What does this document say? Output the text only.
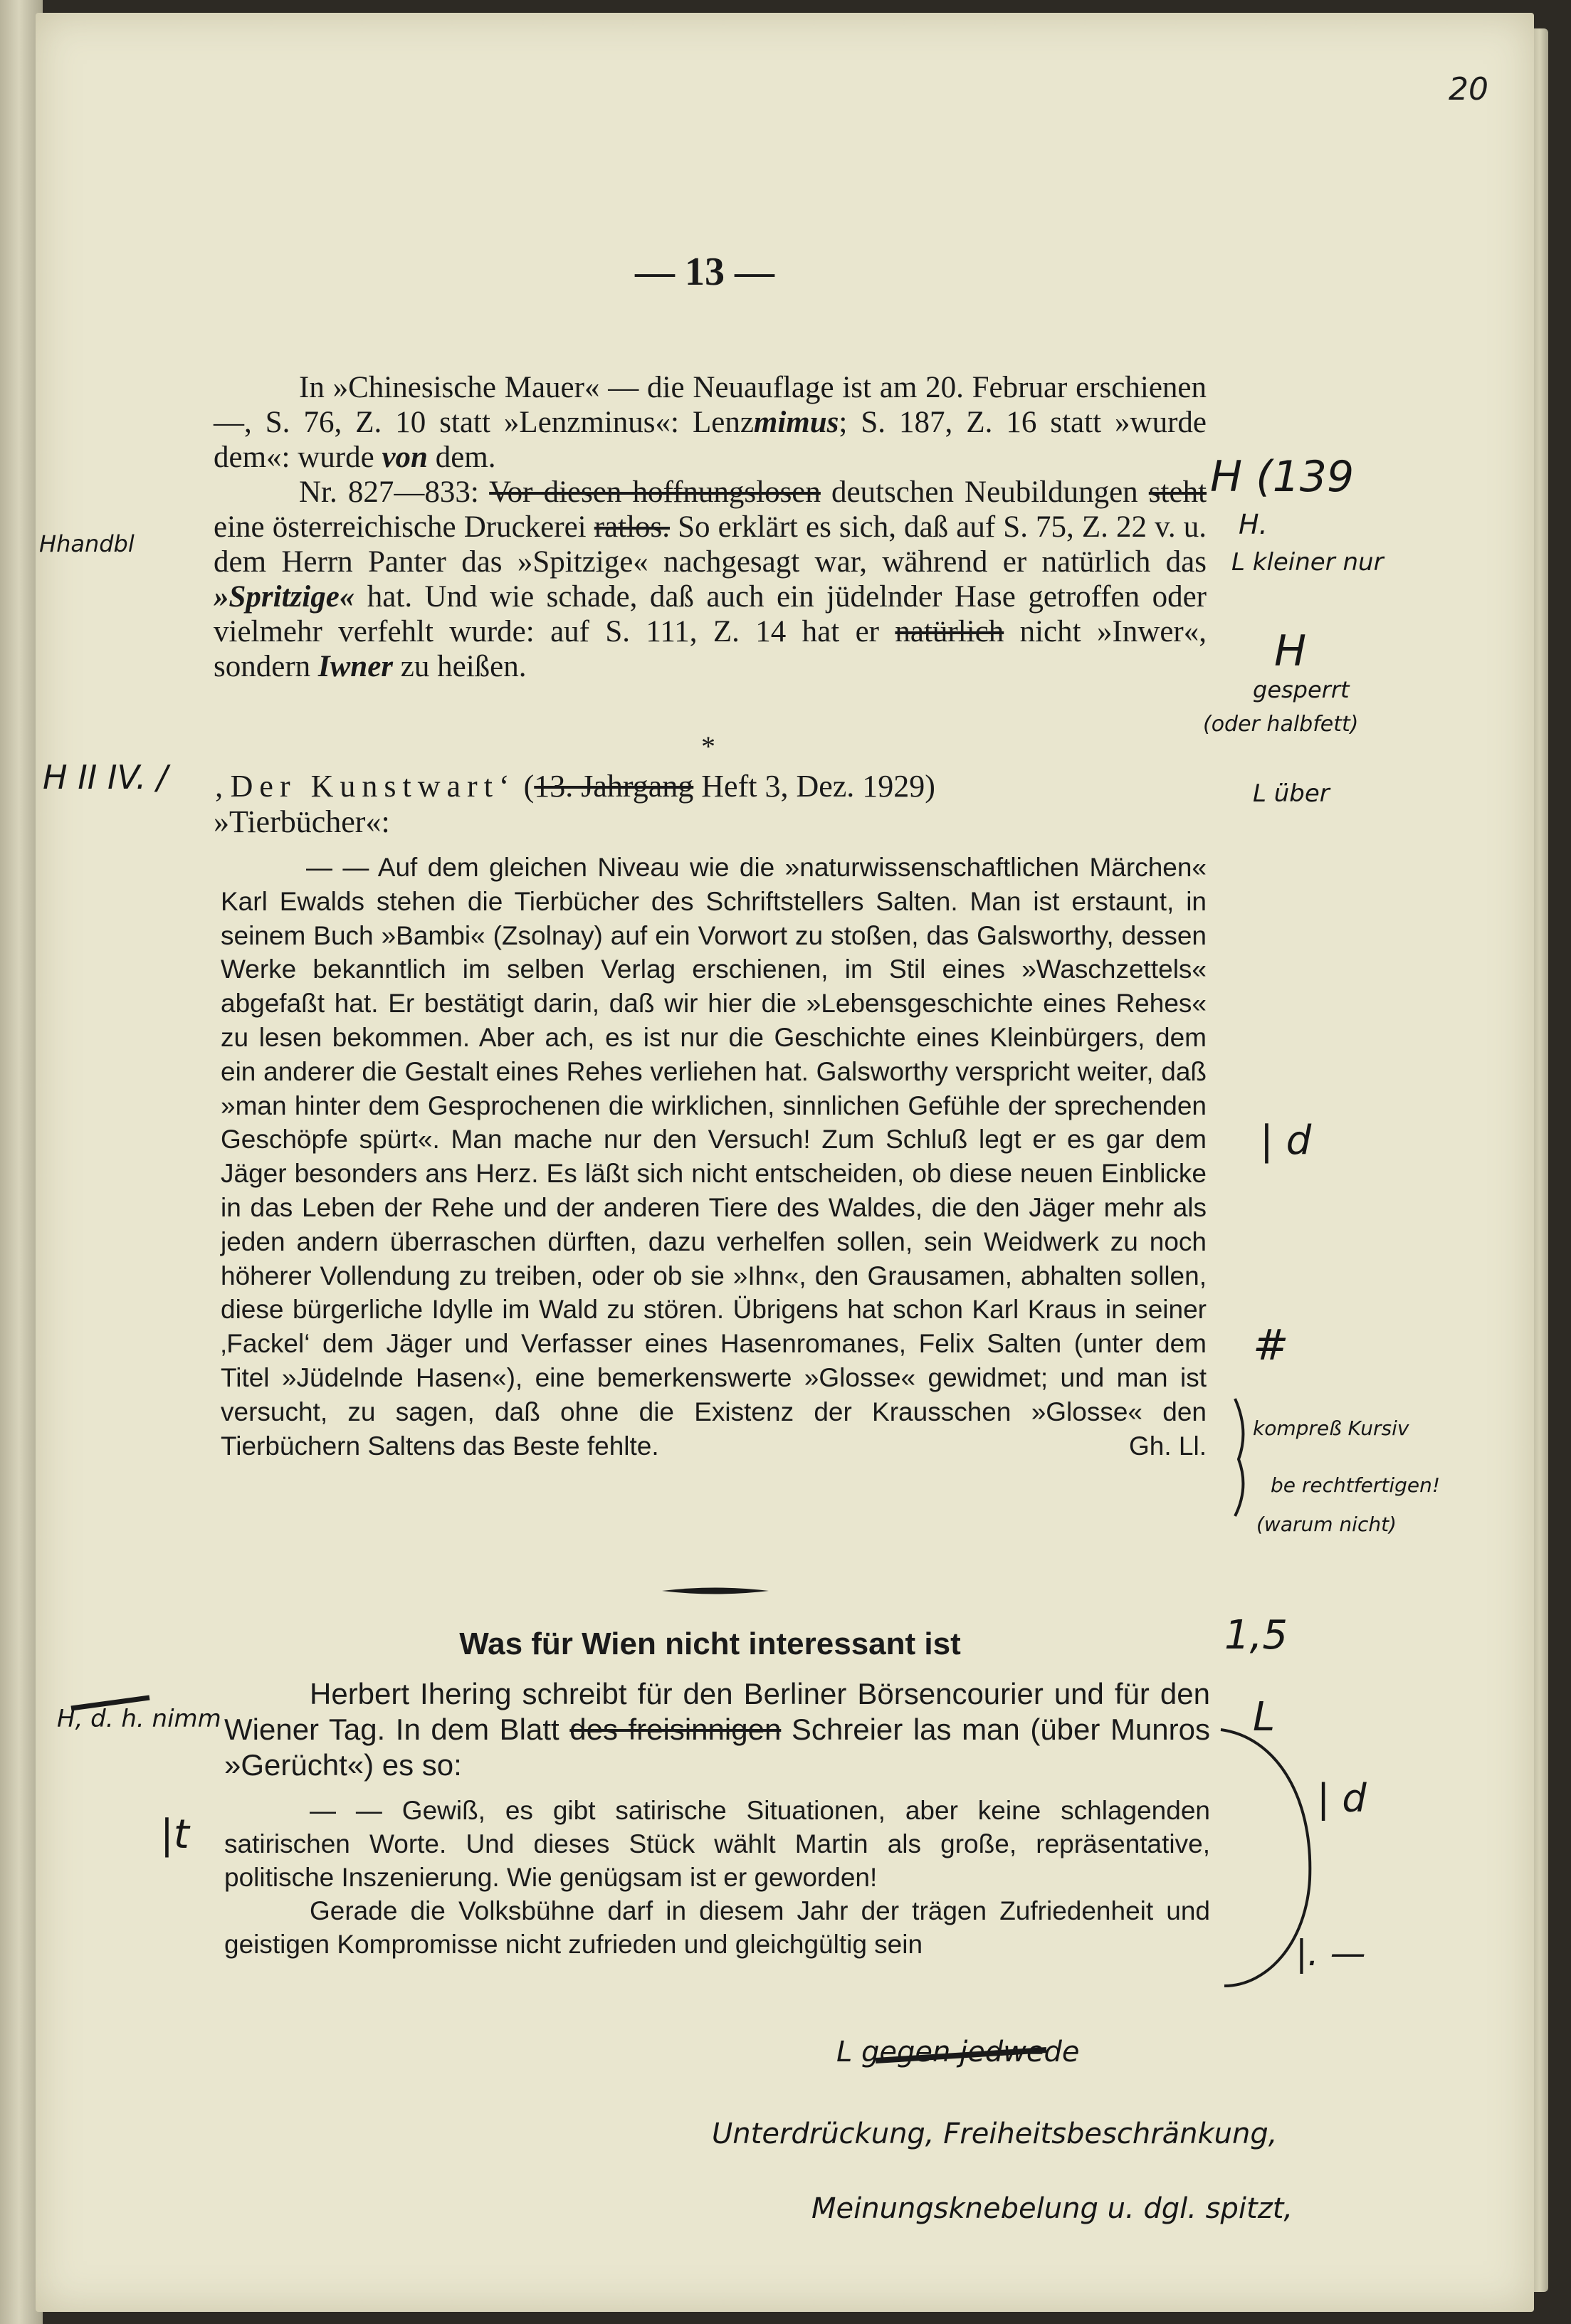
20
— 13 —
In »Chinesische Mauer« — die Neuauflage ist am 20. Februar erschienen —, S. 76, Z. 10 statt »Lenzminus«: Lenzmimus; S. 187, Z. 16 statt »wurde dem«: wurde von dem.
Nr. 827—833: Vor diesen hoffnungslosen deutschen Neubildungen steht eine österreichische Druckerei ratlos. So erklärt es sich, daß auf S. 75, Z. 22 v. u. dem Herrn Panter das »Spitzige« nachgesagt war, während er natürlich das »Spritzige« hat. Und wie schade, daß auch ein jüdelnder Hase getroffen oder vielmehr verfehlt wurde: auf S. 111, Z. 14 hat er natürlich nicht »Inwer«, sondern Iwner zu heißen.
*
‚Der Kunstwart‘ (13. Jahrgang Heft 3, Dez. 1929)
»Tierbücher«:
— — Auf dem gleichen Niveau wie die »naturwissenschaftlichen Märchen« Karl Ewalds stehen die Tierbücher des Schriftstellers Salten. Man ist erstaunt, in seinem Buch »Bambi« (Zsolnay) auf ein Vorwort zu stoßen, das Galsworthy, dessen Werke bekanntlich im selben Verlag erschienen, im Stil eines »Waschzettels« abgefaßt hat. Er bestätigt darin, daß wir hier die »Lebensgeschichte eines Rehes« zu lesen bekommen. Aber ach, es ist nur die Geschichte eines Kleinbürgers, dem ein anderer die Gestalt eines Rehes verliehen hat. Galsworthy verspricht weiter, daß »man hinter dem Gesprochenen die wirklichen, sinnlichen Gefühle der sprechenden Geschöpfe spürt«. Man mache nur den Versuch! Zum Schluß legt er es gar dem Jäger besonders ans Herz. Es läßt sich nicht entscheiden, ob diese neuen Einblicke in das Leben der Rehe und der anderen Tiere des Waldes, die den Jäger mehr als jeden andern überraschen dürften, dazu verhelfen sollen, sein Weidwerk zu noch höherer Vollendung zu treiben, oder ob sie »Ihn«, den Grausamen, abhalten sollen, diese bürgerliche Idylle im Wald zu stören. Übrigens hat schon Karl Kraus in seiner ‚Fackel‘ dem Jäger und Verfasser eines Hasenromanes, Felix Salten (unter dem Titel »Jüdelnde Hasen«), eine bemerkenswerte »Glosse« gewidmet; und man ist versucht, zu sagen, daß ohne die Existenz der Krausschen »Glosse« den Tierbüchern Saltens das Beste fehlte.	Gh. Ll.
Was für Wien nicht interessant ist
Herbert Ihering schreibt für den Berliner Börsencourier und für den Wiener Tag. In dem Blatt des freisinnigen Schreier las man (über Munros »Gerücht«) es so:
— — Gewiß, es gibt satirische Situationen, aber keine schlagenden satirischen Worte. Und dieses Stück wählt Martin als große, repräsentative, politische Inszenierung. Wie genügsam ist er geworden!
Gerade die Volksbühne darf in diesem Jahr der trägen Zufriedenheit und geistigen Kompromisse nicht zufrieden und gleichgültig sein
H (139
H.
L kleiner nur
H
gesperrt
(oder halbfett)
L über
| d
#
kompreß Kursiv
be rechtfertigen!
(warum nicht)
1,5
L
| d
|. —
Hhandbl
H II IV. /
H, d. h. nimm
|t
L gegen jedwede
Unterdrückung, Freiheitsbeschränkung,
Meinungsknebelung u. dgl. spitzt,
